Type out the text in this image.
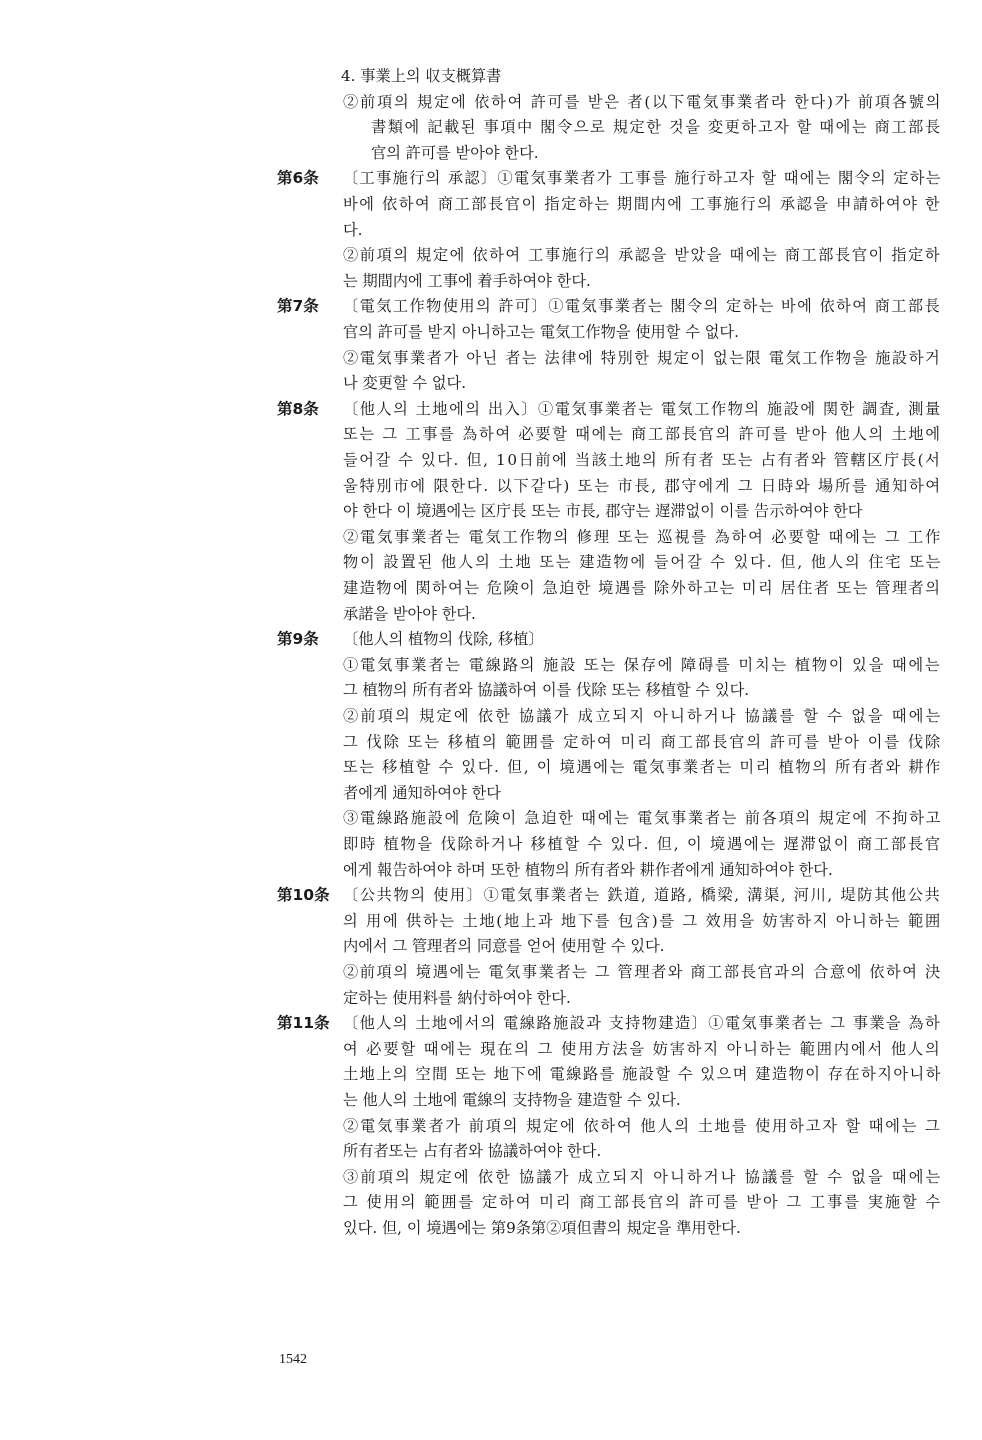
4. 事業上의 収支概算書
②前項의 規定에 依하여 許可를 받은 者(以下電気事業者라 한다)가 前項各號의
書類에 記載된 事項中 閣令으로 規定한 것을 変更하고자 할 때에는 商工部長
官의 許可를 받아야 한다.
第6条 〔工事施行의 承認〕①電気事業者가 工事를 施行하고자 할 때에는 閣令의 定하는
바에 依하여 商工部長官이 指定하는 期間内에 工事施行의 承認을 申請하여야 한
다.
②前項의 規定에 依하여 工事施行의 承認을 받았을 때에는 商工部長官이 指定하
는 期間内에 工事에 着手하여야 한다.
第7条 〔電気工作物使用의 許可〕①電気事業者는 閣令의 定하는 바에 依하여 商工部長
官의 許可를 받지 아니하고는 電気工作物을 使用할 수 없다.
②電気事業者가 아닌 者는 法律에 特別한 規定이 없는限 電気工作物을 施設하거
나 変更할 수 없다.
第8条 〔他人의 土地에의 出入〕①電気事業者는 電気工作物의 施設에 関한 調査, 測量
또는 그 工事를 為하여 必要할 때에는 商工部長官의 許可를 받아 他人의 土地에
들어갈 수 있다. 但, 10日前에 当該土地의 所有者 또는 占有者와 管轄区庁長(서
울特別市에 限한다. 以下같다) 또는 市長, 郡守에게 그 日時와 場所를 通知하여
야 한다 이 境遇에는 区庁長 또는 市長, 郡守는 遅滞없이 이를 告示하여야 한다
②電気事業者는 電気工作物의 修理 또는 巡視를 為하여 必要할 때에는 그 工作
物이 設置된 他人의 土地 또는 建造物에 들어갈 수 있다. 但, 他人의 住宅 또는
建造物에 関하여는 危険이 急迫한 境遇를 除外하고는 미리 居住者 또는 管理者의
承諾을 받아야 한다.
第9条 〔他人의 植物의 伐除, 移植〕
①電気事業者는 電線路의 施設 또는 保存에 障碍를 미치는 植物이 있을 때에는
그 植物의 所有者와 協議하여 이를 伐除 또는 移植할 수 있다.
②前項의 規定에 依한 協議가 成立되지 아니하거나 協議를 할 수 없을 때에는
그 伐除 또는 移植의 範囲를 定하여 미리 商工部長官의 許可를 받아 이를 伐除
또는 移植할 수 있다. 但, 이 境遇에는 電気事業者는 미리 植物의 所有者와 耕作
者에게 通知하여야 한다
③電線路施設에 危険이 急迫한 때에는 電気事業者는 前各項의 規定에 不拘하고
即時 植物을 伐除하거나 移植할 수 있다. 但, 이 境遇에는 遅滞없이 商工部長官
에게 報告하여야 하며 또한 植物의 所有者와 耕作者에게 通知하여야 한다.
第10条 〔公共物의 使用〕①電気事業者는 鉄道, 道路, 橋梁, 溝渠, 河川, 堤防其他公共
의 用에 供하는 土地(地上과 地下를 包含)를 그 效用을 妨害하지 아니하는 範囲
内에서 그 管理者의 同意를 얻어 使用할 수 있다.
②前項의 境遇에는 電気事業者는 그 管理者와 商工部長官과의 合意에 依하여 決
定하는 使用料를 納付하여야 한다.
第11条 〔他人의 土地에서의 電線路施設과 支持物建造〕①電気事業者는 그 事業을 為하
여 必要할 때에는 現在의 그 使用方法을 妨害하지 아니하는 範囲内에서 他人의
土地上의 空間 또는 地下에 電線路를 施設할 수 있으며 建造物이 存在하지아니하
는 他人의 土地에 電線의 支持物을 建造할 수 있다.
②電気事業者가 前項의 規定에 依하여 他人의 土地를 使用하고자 할 때에는 그
所有者또는 占有者와 協議하여야 한다.
③前項의 規定에 依한 協議가 成立되지 아니하거나 協議를 할 수 없을 때에는
그 使用의 範囲를 定하여 미리 商工部長官의 許可를 받아 그 工事를 実施할 수
있다. 但, 이 境遇에는 第9条第②項但書의 規定을 準用한다.
1542
